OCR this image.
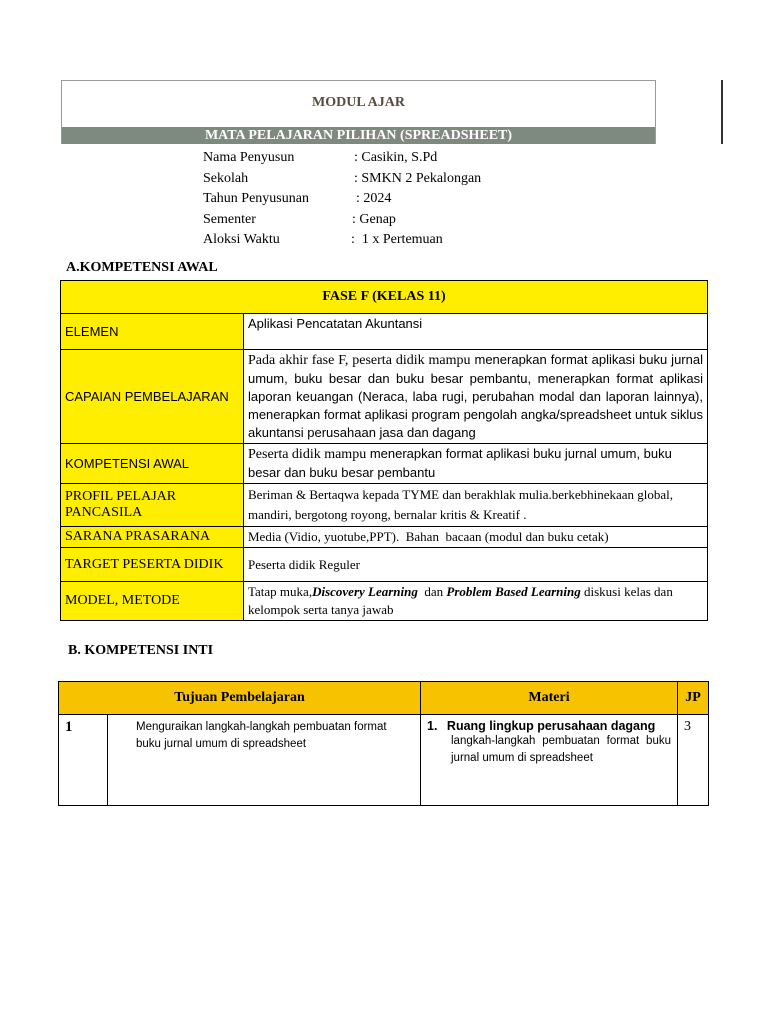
MODUL AJAR
MATA PELAJARAN PILIHAN (SPREADSHEET)
Nama Penyusun	: Casikin, S.Pd
Sekolah	: SMKN 2 Pekalongan
Tahun Penyusunan	: 2024
Sementer	: Genap
Aloksi Waktu	:  1 x Pertemuan
A.KOMPETENSI AWAL
FASE F (KELAS 11)	
ELEMEN	Aplikasi Pencatatan Akuntansi
CAPAIAN PEMBELAJARAN	Pada akhir fase F, peserta didik mampu menerapkan format aplikasi buku jurnal umum, buku besar dan buku besar pembantu, menerapkan format aplikasi laporan keuangan (Neraca, laba rugi, perubahan modal dan laporan lainnya), menerapkan format aplikasi program pengolah angka/spreadsheet untuk siklus akuntansi perusahaan jasa dan dagang
KOMPETENSI AWAL	Peserta didik mampu menerapkan format aplikasi buku jurnal umum, buku besar dan buku besar pembantu
PROFIL PELAJAR PANCASILA	Beriman & Bertaqwa kepada TYME dan berakhlak mulia.berkebhinekaan global, mandiri, bergotong royong, bernalar kritis & Kreatif .
SARANA PRASARANA	Media (Vidio, yuotube,PPT).  Bahan  bacaan (modul dan buku cetak)
TARGET PESERTA DIDIK	Peserta didik Reguler
MODEL, METODE	Tatap muka,Discovery Learning  dan Problem Based Learning diskusi kelas dan kelompok serta tanya jawab
B. KOMPETENSI INTI
Tujuan Pembelajaran		Materi	JP
1	Menguraikan langkah-langkah pembuatan format buku jurnal umum di spreadsheet	1. Ruang lingkup perusahaan dagang
langkah-langkah pembuatan format buku jurnal umum di spreadsheet	3
